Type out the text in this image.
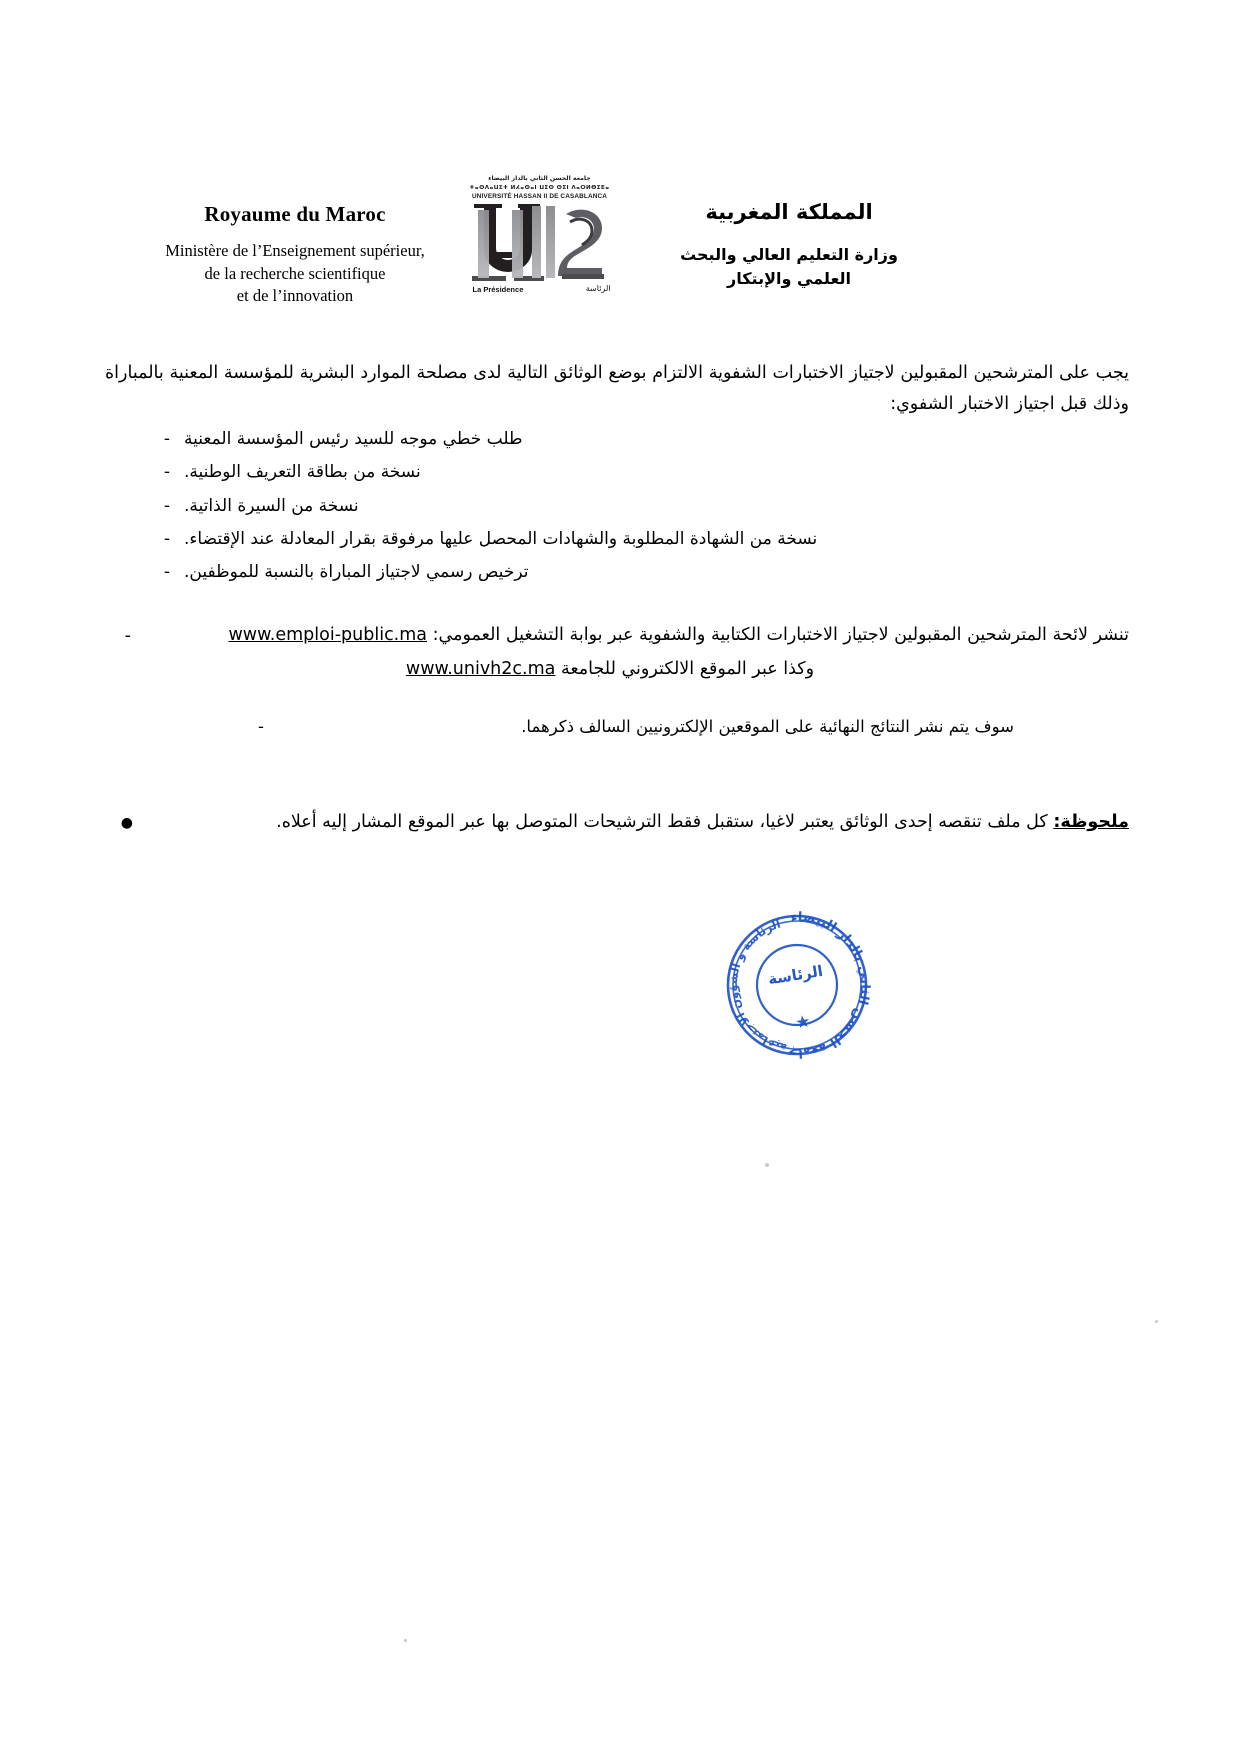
Royaume du Maroc
Ministère de l’Enseignement supérieur,
de la recherche scientifique
et de l’innovation
جامعة الحسن الثاني بالدار البيضاء
ⵜⴰⵙⴷⴰⵡⵉⵜ ⵍⵃⴰⵙⴰⵏ ⵡⵉⵙ ⵙⵉⵏ ⴷⴰⵔⵍⴱⵉⴹⴰ
UNIVERSITÉ HASSAN II DE CASABLANCA
La Présidence	الرئاسة
المملكة المغربية
وزارة التعليم العالي والبحث
العلمي والإبتكار

يجب على المترشحين المقبولين لاجتياز الاختبارات الشفوية الالتزام بوضع الوثائق التالية لدى مصلحة الموارد البشرية للمؤسسة المعنية بالمباراة وذلك قبل اجتياز الاختبار الشفوي:

طلب خطي موجه للسيد رئيس المؤسسة المعنية
-
نسخة من بطاقة التعريف الوطنية.
-
نسخة من السيرة الذاتية.
-
نسخة من الشهادة المطلوبة والشهادات المحصل عليها مرفوقة بقرار المعادلة عند الإقتضاء.
-
ترخيص رسمي لاجتياز المباراة بالنسبة للموظفين.
-
تنشر لائحة المترشحين المقبولين لاجتياز الاختبارات الكتابية والشفوية عبر بوابة التشغيل العمومي: www.emploi-public.ma
وكذا عبر الموقع الالكتروني للجامعة www.univh2c.ma
-
سوف يتم نشر النتائج النهائية على الموقعين الإلكترونيين السالف ذكرهما.
-
ملحوظة: كل ملف تنقصه إحدى الوثائق يعتبر لاغيا، ستقبل فقط الترشيحات المتوصل بها عبر الموقع المشار إليه أعلاه.
●
جامعة الحسن الثاني بالدار البيضاء
الرئاسة و الشؤون الاجتماعية
الرئاسة
★
